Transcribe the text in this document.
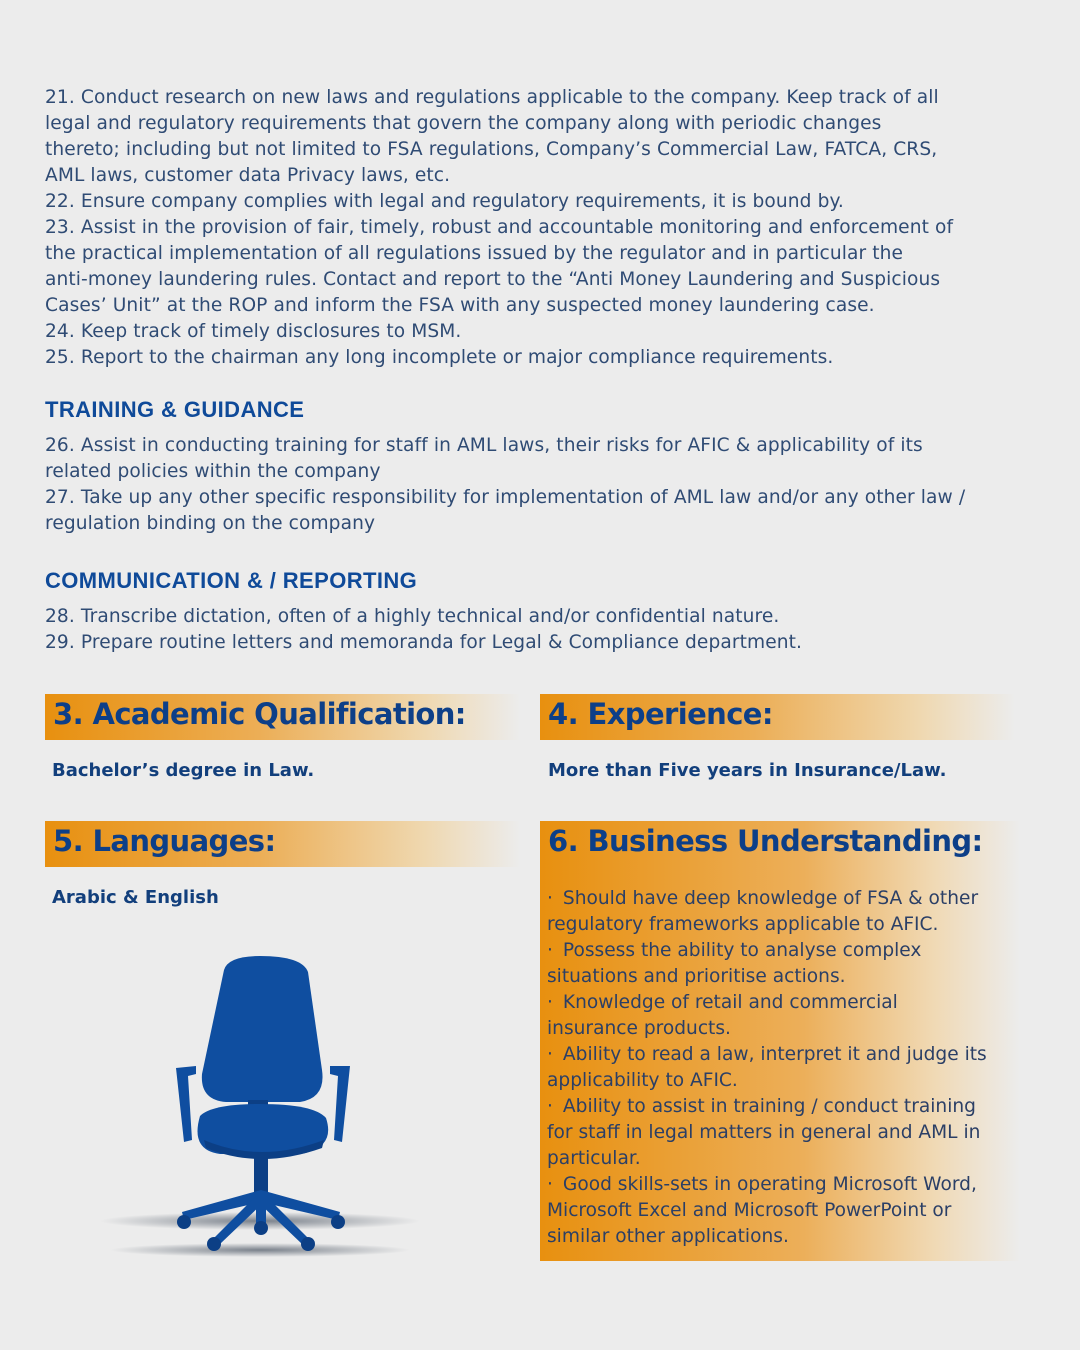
21. Conduct research on new laws and regulations applicable to the company. Keep track of all

legal and regulatory requirements that govern the company along with periodic changes

thereto; including but not limited to FSA regulations, Company’s Commercial Law, FATCA, CRS,

AML laws, customer data Privacy laws, etc.

22. Ensure company complies with legal and regulatory requirements, it is bound by.

23. Assist in the provision of fair, timely, robust and accountable monitoring and enforcement of

the practical implementation of all regulations issued by the regulator and in particular the

anti-money laundering rules. Contact and report to the “Anti Money Laundering and Suspicious

Cases’ Unit” at the ROP and inform the FSA with any suspected money laundering case.

24. Keep track of timely disclosures to MSM.

25. Report to the chairman any long incomplete or major compliance requirements.

TRAINING & GUIDANCE

26. Assist in conducting training for staff in AML laws, their risks for AFIC & applicability of its

related policies within the company

27. Take up any other specific responsibility for implementation of AML law and/or any other law /

regulation binding on the company

COMMUNICATION & / REPORTING

28. Transcribe dictation, often of a highly technical and/or confidential nature.

29. Prepare routine letters and memoranda for Legal & Compliance department.

3. Academic Qualification:
Bachelor’s degree in Law.
4. Experience:
More than Five years in Insurance/Law.
5. Languages:
Arabic & English
6. Business Understanding:
· Should have deep knowledge of FSA & other
regulatory frameworks applicable to AFIC.
· Possess the ability to analyse complex
situations and prioritise actions.
· Knowledge of retail and commercial
insurance products.
· Ability to read a law, interpret it and judge its
applicability to AFIC.
· Ability to assist in training / conduct training
for staff in legal matters in general and AML in
particular.
· Good skills-sets in operating Microsoft Word,
Microsoft Excel and Microsoft PowerPoint or
similar other applications.
